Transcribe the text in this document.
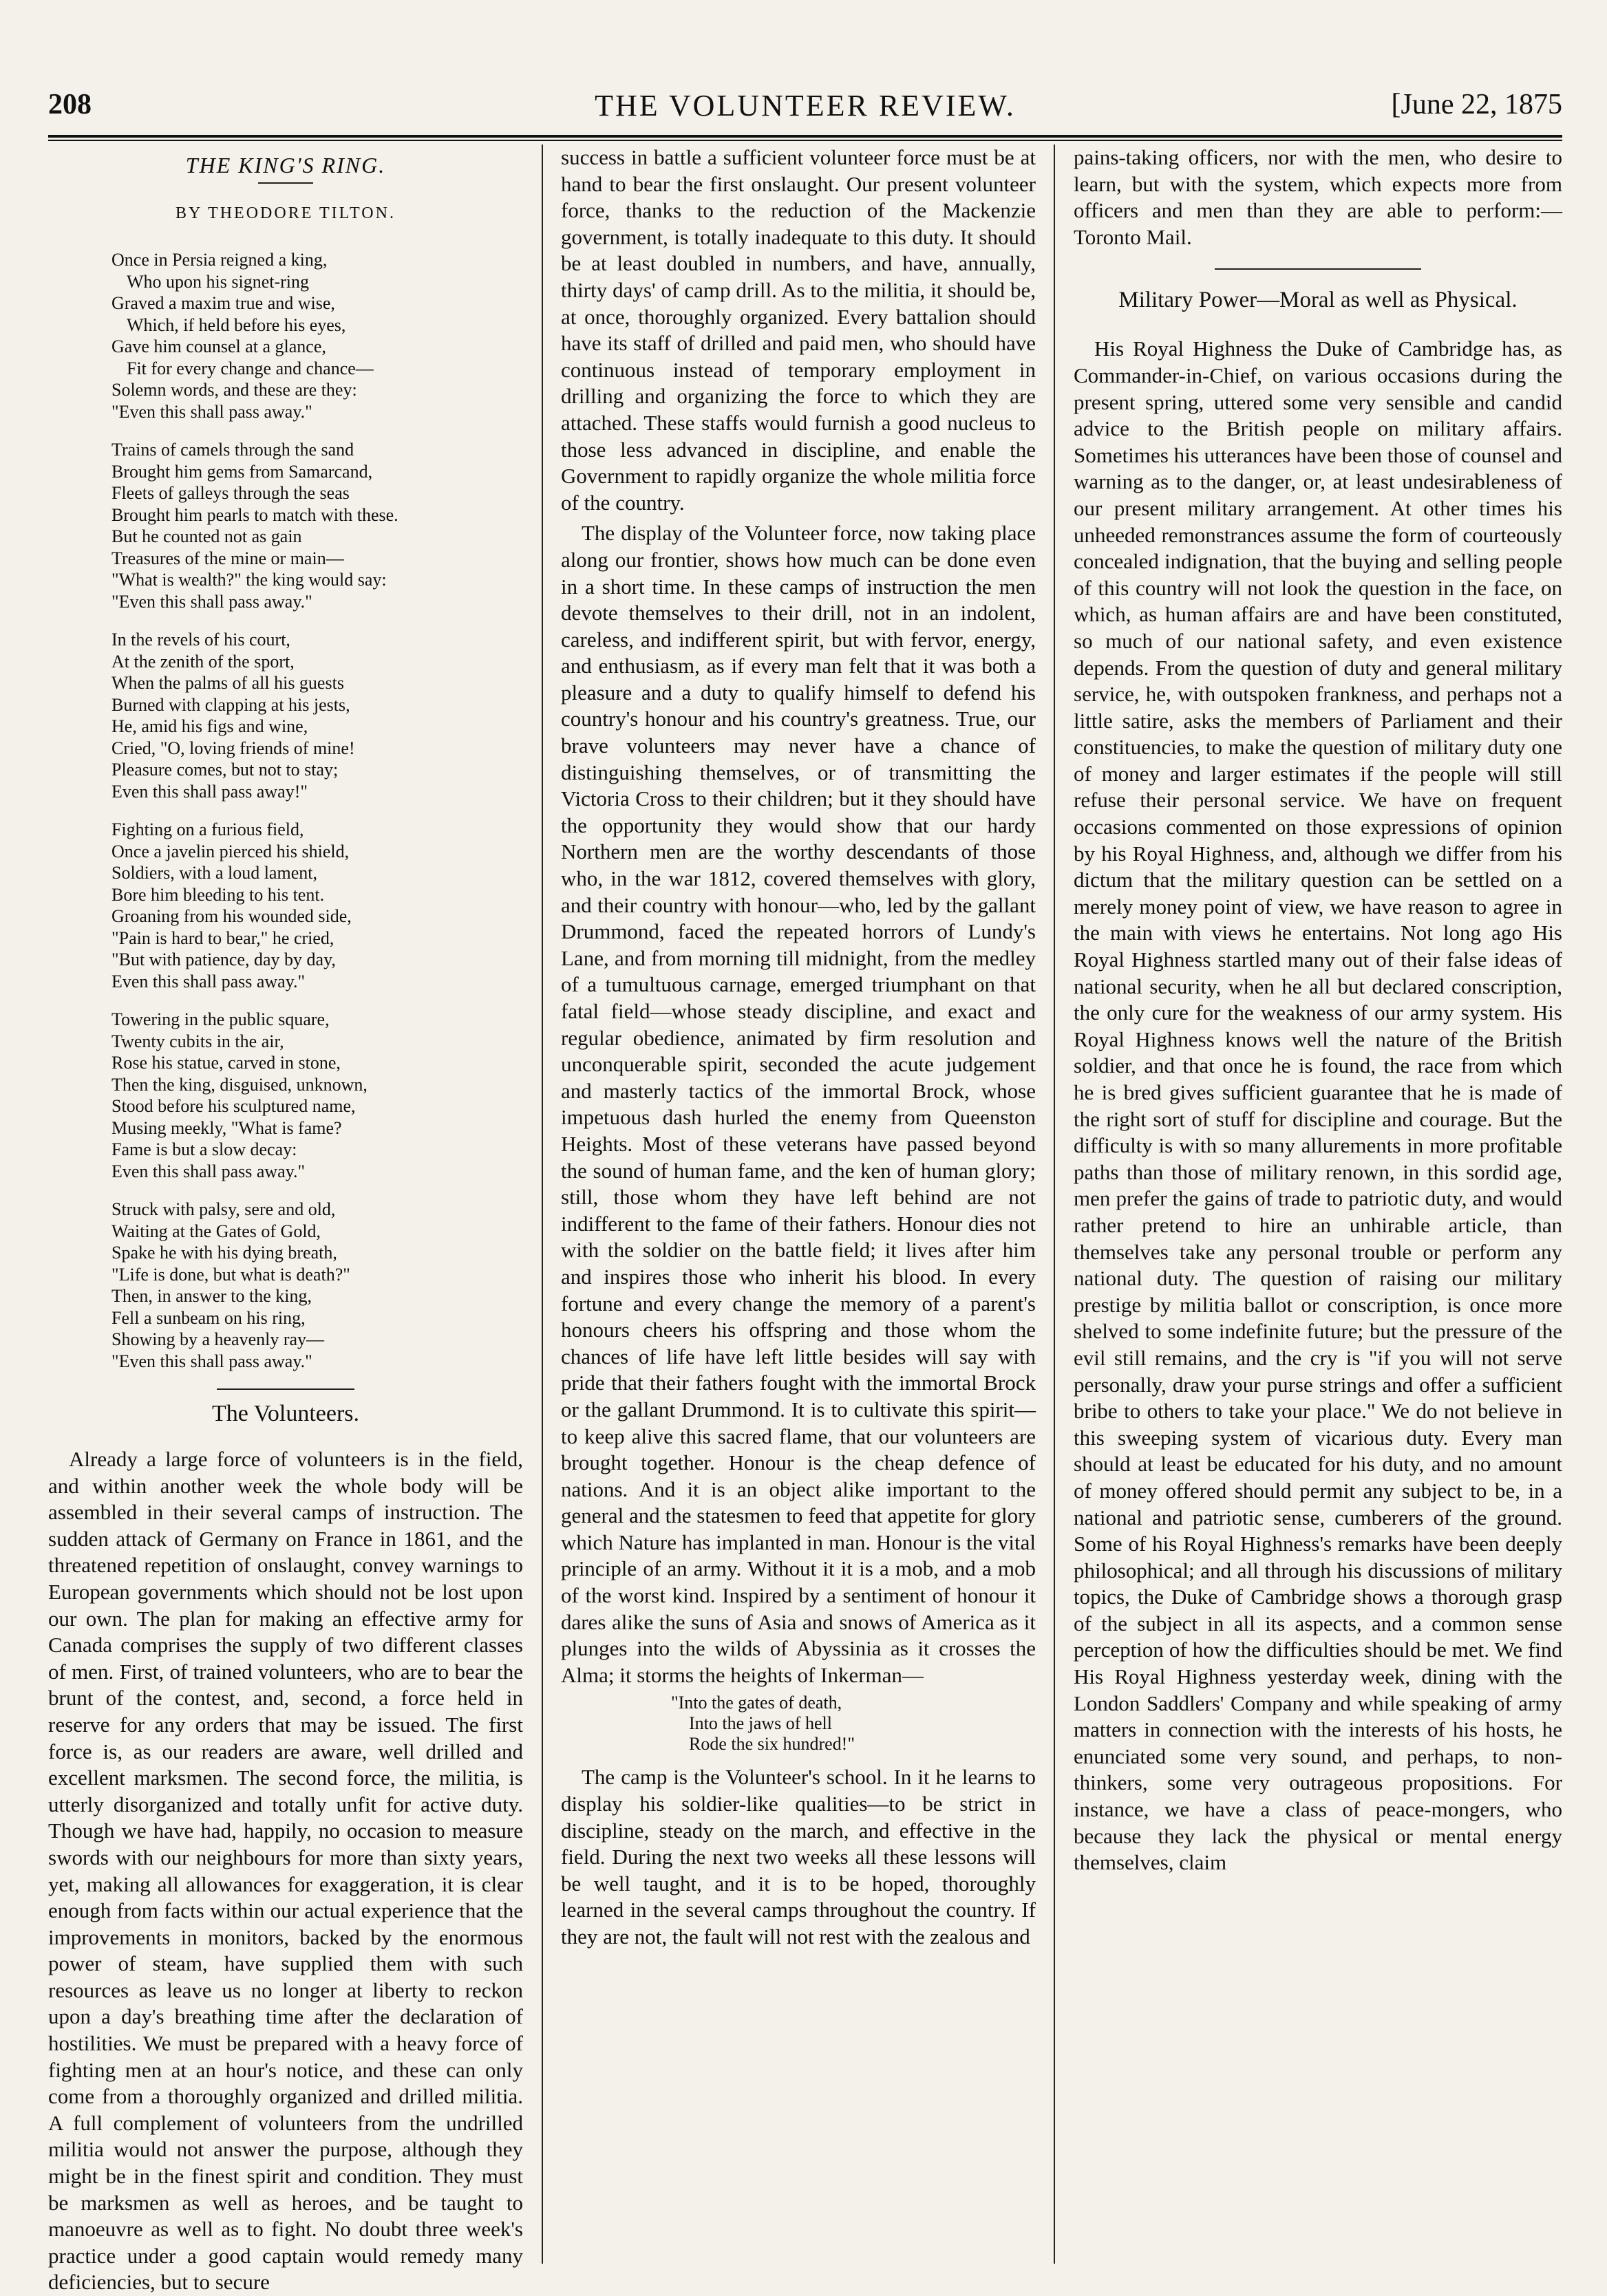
208	THE VOLUNTEER REVIEW.	[June 22, 1875
THE KING'S RING.
BY THEODORE TILTON.
Once in Persia reigned a king,
Who upon his signet-ring
Graved a maxim true and wise,
Which, if held before his eyes,
Gave him counsel at a glance,
Fit for every change and chance—
Solemn words, and these are they:
"Even this shall pass away."
Trains of camels through the sand
Brought him gems from Samarcand,
Fleets of galleys through the seas
Brought him pearls to match with these.
But he counted not as gain
Treasures of the mine or main—
"What is wealth?" the king would say:
"Even this shall pass away."
In the revels of his court,
At the zenith of the sport,
When the palms of all his guests
Burned with clapping at his jests,
He, amid his figs and wine,
Cried, "O, loving friends of mine!
Pleasure comes, but not to stay;
Even this shall pass away!"
Fighting on a furious field,
Once a javelin pierced his shield,
Soldiers, with a loud lament,
Bore him bleeding to his tent.
Groaning from his wounded side,
"Pain is hard to bear," he cried,
"But with patience, day by day,
Even this shall pass away."
Towering in the public square,
Twenty cubits in the air,
Rose his statue, carved in stone,
Then the king, disguised, unknown,
Stood before his sculptured name,
Musing meekly, "What is fame?
Fame is but a slow decay:
Even this shall pass away."
Struck with palsy, sere and old,
Waiting at the Gates of Gold,
Spake he with his dying breath,
"Life is done, but what is death?"
Then, in answer to the king,
Fell a sunbeam on his ring,
Showing by a heavenly ray—
"Even this shall pass away."
The Volunteers.

Already a large force of volunteers is in the field, and within another week the whole body will be assembled in their several camps of instruction. The sudden attack of Germany on France in 1861, and the threatened repetition of onslaught, convey warnings to European governments which should not be lost upon our own. The plan for making an effective army for Canada comprises the supply of two different classes of men. First, of trained volunteers, who are to bear the brunt of the contest, and, second, a force held in reserve for any orders that may be issued. The first force is, as our readers are aware, well drilled and excellent marksmen. The second force, the militia, is utterly disorganized and totally unfit for active duty. Though we have had, happily, no occasion to measure swords with our neighbours for more than sixty years, yet, making all allowances for exaggeration, it is clear enough from facts within our actual experience that the improvements in monitors, backed by the enormous power of steam, have supplied them with such resources as leave us no longer at liberty to reckon upon a day's breathing time after the declaration of hostilities. We must be prepared with a heavy force of fighting men at an hour's notice, and these can only come from a thoroughly organized and drilled militia. A full complement of volunteers from the undrilled militia would not answer the purpose, although they might be in the finest spirit and condition. They must be marksmen as well as heroes, and be taught to manoeuvre as well as to fight. No doubt three week's practice under a good captain would remedy many deficiencies, but to secure

success in battle a sufficient volunteer force must be at hand to bear the first onslaught. Our present volunteer force, thanks to the reduction of the Mackenzie government, is totally inadequate to this duty. It should be at least doubled in numbers, and have, annually, thirty days' of camp drill. As to the militia, it should be, at once, thoroughly organized. Every battalion should have its staff of drilled and paid men, who should have continuous instead of temporary employment in drilling and organizing the force to which they are attached. These staffs would furnish a good nucleus to those less advanced in discipline, and enable the Government to rapidly organize the whole militia force of the country.

The display of the Volunteer force, now taking place along our frontier, shows how much can be done even in a short time. In these camps of instruction the men devote themselves to their drill, not in an indolent, careless, and indifferent spirit, but with fervor, energy, and enthusiasm, as if every man felt that it was both a pleasure and a duty to qualify himself to defend his country's honour and his country's greatness. True, our brave volunteers may never have a chance of distinguishing themselves, or of transmitting the Victoria Cross to their children; but it they should have the opportunity they would show that our hardy Northern men are the worthy descendants of those who, in the war 1812, covered themselves with glory, and their country with honour—who, led by the gallant Drummond, faced the repeated horrors of Lundy's Lane, and from morning till midnight, from the medley of a tumultuous carnage, emerged triumphant on that fatal field—whose steady discipline, and exact and regular obedience, animated by firm resolution and unconquerable spirit, seconded the acute judgement and masterly tactics of the immortal Brock, whose impetuous dash hurled the enemy from Queenston Heights. Most of these veterans have passed beyond the sound of human fame, and the ken of human glory; still, those whom they have left behind are not indifferent to the fame of their fathers. Honour dies not with the soldier on the battle field; it lives after him and inspires those who inherit his blood. In every fortune and every change the memory of a parent's honours cheers his offspring and those whom the chances of life have left little besides will say with pride that their fathers fought with the immortal Brock or the gallant Drummond. It is to cultivate this spirit—to keep alive this sacred flame, that our volunteers are brought together. Honour is the cheap defence of nations. And it is an object alike important to the general and the statesmen to feed that appetite for glory which Nature has implanted in man. Honour is the vital principle of an army. Without it it is a mob, and a mob of the worst kind. Inspired by a sentiment of honour it dares alike the suns of Asia and snows of America as it plunges into the wilds of Abyssinia as it crosses the Alma; it storms the heights of Inkerman—

"Into the gates of death,
Into the jaws of hell
Rode the six hundred!"

The camp is the Volunteer's school. In it he learns to display his soldier-like qualities—to be strict in discipline, steady on the march, and effective in the field. During the next two weeks all these lessons will be well taught, and it is to be hoped, thoroughly learned in the several camps throughout the country. If they are not, the fault will not rest with the zealous and

pains-taking officers, nor with the men, who desire to learn, but with the system, which expects more from officers and men than they are able to perform:—Toronto Mail.

Military Power—Moral as well as Physical.

His Royal Highness the Duke of Cambridge has, as Commander-in-Chief, on various occasions during the present spring, uttered some very sensible and candid advice to the British people on military affairs. Sometimes his utterances have been those of counsel and warning as to the danger, or, at least undesirableness of our present military arrangement. At other times his unheeded remonstrances assume the form of courteously concealed indignation, that the buying and selling people of this country will not look the question in the face, on which, as human affairs are and have been constituted, so much of our national safety, and even existence depends. From the question of duty and general military service, he, with outspoken frankness, and perhaps not a little satire, asks the members of Parliament and their constituencies, to make the question of military duty one of money and larger estimates if the people will still refuse their personal service. We have on frequent occasions commented on those expressions of opinion by his Royal Highness, and, although we differ from his dictum that the military question can be settled on a merely money point of view, we have reason to agree in the main with views he entertains. Not long ago His Royal Highness startled many out of their false ideas of national security, when he all but declared conscription, the only cure for the weakness of our army system. His Royal Highness knows well the nature of the British soldier, and that once he is found, the race from which he is bred gives sufficient guarantee that he is made of the right sort of stuff for discipline and courage. But the difficulty is with so many allurements in more profitable paths than those of military renown, in this sordid age, men prefer the gains of trade to patriotic duty, and would rather pretend to hire an unhirable article, than themselves take any personal trouble or perform any national duty. The question of raising our military prestige by militia ballot or conscription, is once more shelved to some indefinite future; but the pressure of the evil still remains, and the cry is "if you will not serve personally, draw your purse strings and offer a sufficient bribe to others to take your place." We do not believe in this sweeping system of vicarious duty. Every man should at least be educated for his duty, and no amount of money offered should permit any subject to be, in a national and patriotic sense, cumberers of the ground. Some of his Royal Highness's remarks have been deeply philosophical; and all through his discussions of military topics, the Duke of Cambridge shows a thorough grasp of the subject in all its aspects, and a common sense perception of how the difficulties should be met. We find His Royal Highness yesterday week, dining with the London Saddlers' Company and while speaking of army matters in connection with the interests of his hosts, he enunciated some very sound, and perhaps, to non-thinkers, some very outrageous propositions. For instance, we have a class of peace-mongers, who because they lack the physical or mental energy themselves, claim
